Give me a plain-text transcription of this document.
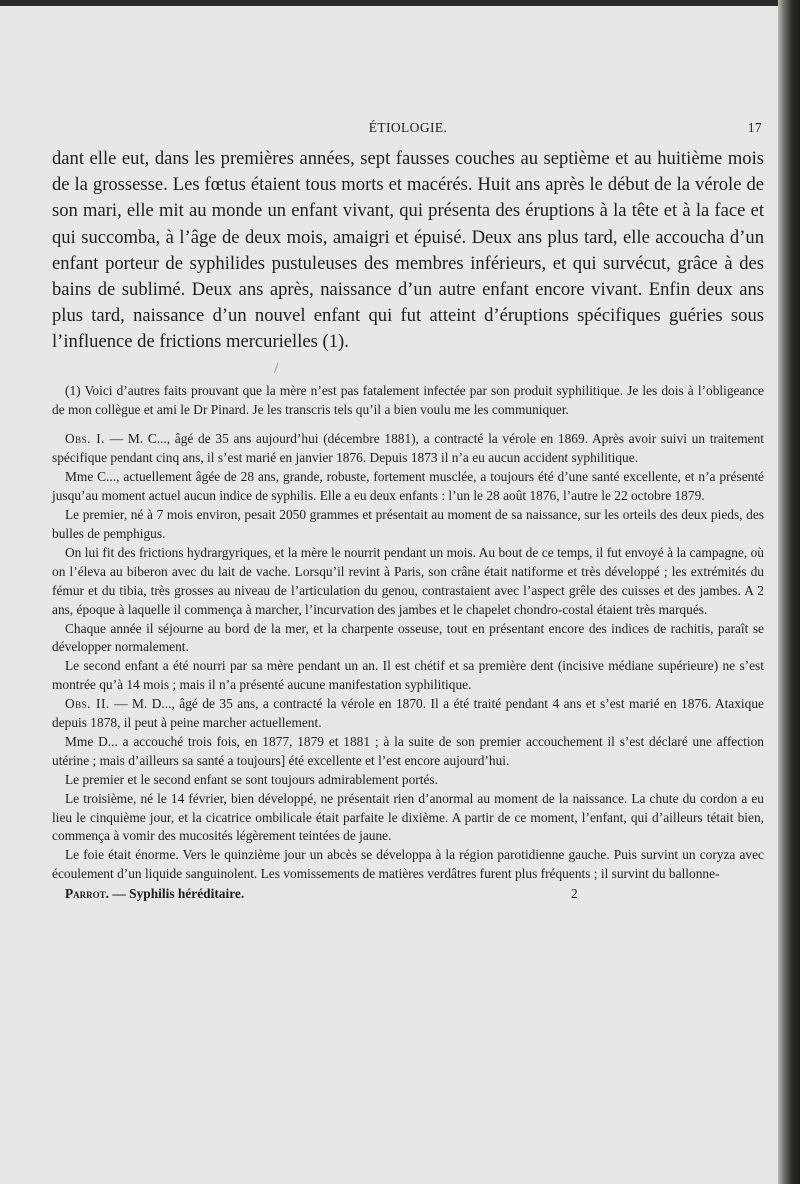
ÉTIOLOGIE.	17

dant elle eut, dans les premières années, sept fausses couches au septième et au huitième mois de la grossesse. Les fœtus étaient tous morts et macérés. Huit ans après le début de la vérole de son mari, elle mit au monde un enfant vivant, qui présenta des éruptions à la tête et à la face et qui succomba, à l’âge de deux mois, amaigri et épuisé. Deux ans plus tard, elle accoucha d’un enfant porteur de syphilides pustuleuses des membres inférieurs, et qui survécut, grâce à des bains de sublimé. Deux ans après, naissance d’un autre enfant encore vivant. Enfin deux ans plus tard, naissance d’un nouvel enfant qui fut atteint d’éruptions spécifiques guéries sous l’influence de frictions mercurielles (1).

/

(1) Voici d’autres faits prouvant que la mère n’est pas fatalement infectée par son produit syphilitique. Je les dois à l’obligeance de mon collègue et ami le Dr Pinard. Je les transcris tels qu’il a bien voulu me les communiquer.

Obs. I. — M. C..., âgé de 35 ans aujourd’hui (décembre 1881), a contracté la vérole en 1869. Après avoir suivi un traitement spécifique pendant cinq ans, il s’est marié en janvier 1876. Depuis 1873 il n’a eu aucun accident syphilitique.

Mme C..., actuellement âgée de 28 ans, grande, robuste, fortement musclée, a toujours été d’une santé excellente, et n’a présenté jusqu’au moment actuel aucun indice de syphilis. Elle a eu deux enfants : l’un le 28 août 1876, l’autre le 22 octobre 1879.

Le premier, né à 7 mois environ, pesait 2050 grammes et présentait au moment de sa naissance, sur les orteils des deux pieds, des bulles de pemphigus.

On lui fit des frictions hydrargyriques, et la mère le nourrit pendant un mois. Au bout de ce temps, il fut envoyé à la campagne, où on l’éleva au biberon avec du lait de vache. Lorsqu’il revint à Paris, son crâne était natiforme et très développé ; les extrémités du fémur et du tibia, très grosses au niveau de l’articulation du genou, contrastaient avec l’aspect grêle des cuisses et des jambes. A 2 ans, époque à laquelle il commença à marcher, l’incurvation des jambes et le chapelet chondro-costal étaient très marqués.

Chaque année il séjourne au bord de la mer, et la charpente osseuse, tout en présentant encore des indices de rachitis, paraît se développer normalement.

Le second enfant a été nourri par sa mère pendant un an. Il est chétif et sa première dent (incisive médiane supérieure) ne s’est montrée qu’à 14 mois ; mais il n’a présenté aucune manifestation syphilitique.

Obs. II. — M. D..., âgé de 35 ans, a contracté la vérole en 1870. Il a été traité pendant 4 ans et s’est marié en 1876. Ataxique depuis 1878, il peut à peine marcher actuellement.

Mme D... a accouché trois fois, en 1877, 1879 et 1881 ; à la suite de son premier accouchement il s’est déclaré une affection utérine ; mais d’ailleurs sa santé a toujours] été excellente et l’est encore aujourd’hui.

Le premier et le second enfant se sont toujours admirablement portés.

Le troisième, né le 14 février, bien développé, ne présentait rien d’anormal au moment de la naissance. La chute du cordon a eu lieu le cinquième jour, et la cicatrice ombilicale était parfaite le dixième. A partir de ce moment, l’enfant, qui d’ailleurs tétait bien, commença à vomir des mucosités légèrement teintées de jaune.

Le foie était énorme. Vers le quinzième jour un abcès se développa à la région parotidienne gauche. Puis survint un coryza avec écoulement d’un liquide sanguinolent. Les vomissements de matières verdâtres furent plus fréquents ; il survint du ballonne-

Parrot. — Syphilis héréditaire.	2
